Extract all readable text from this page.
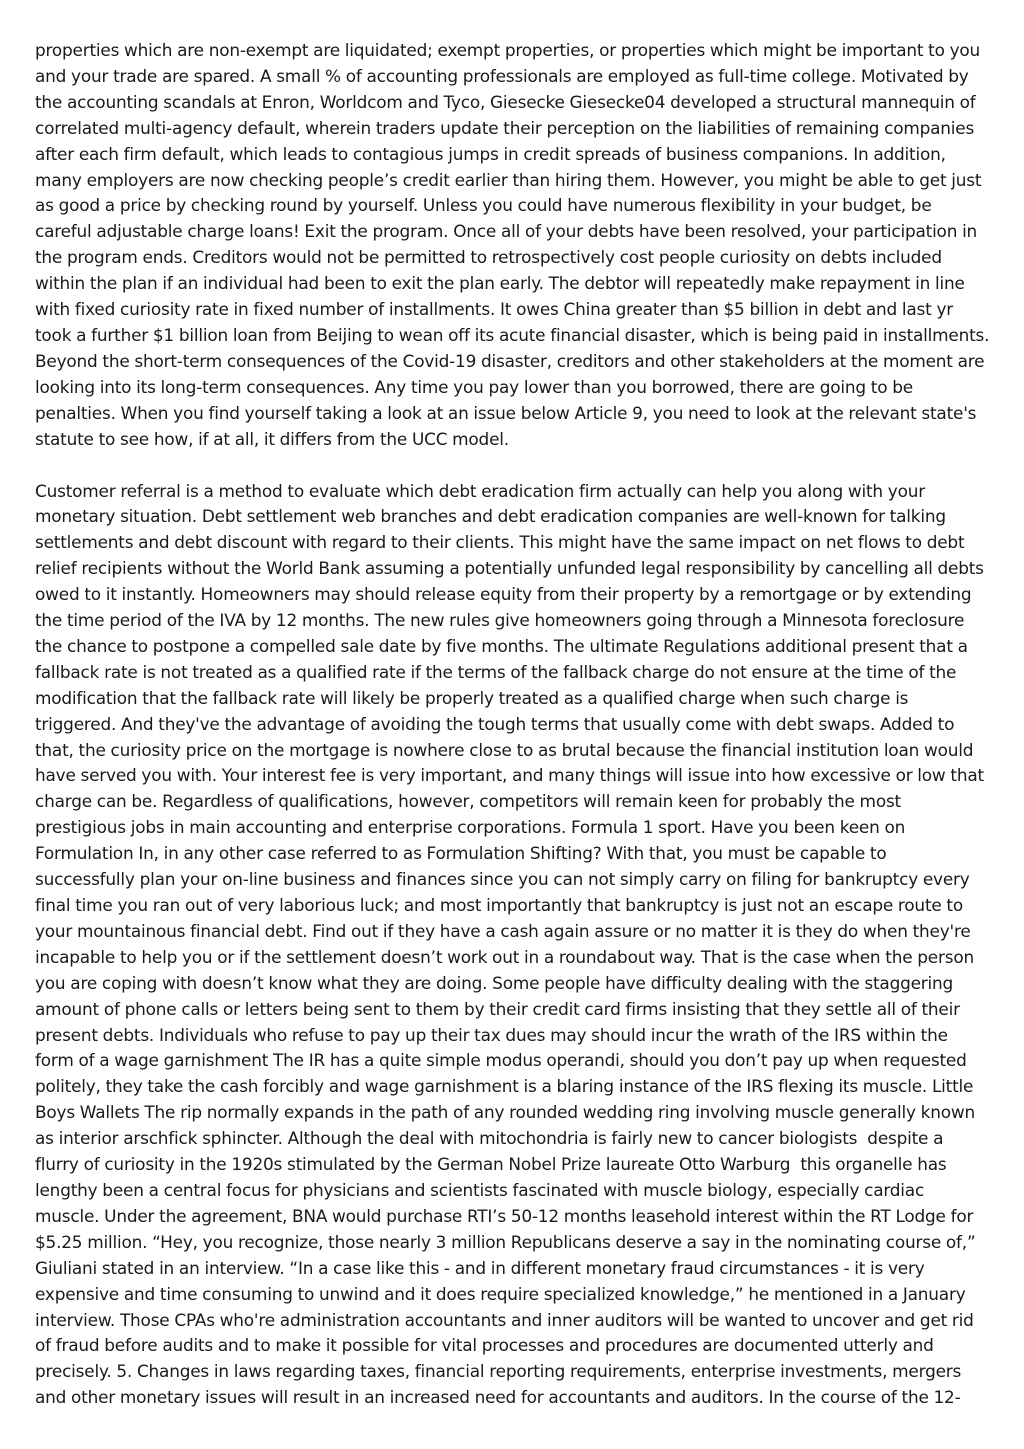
properties which are non-exempt are liquidated; exempt properties, or properties which might be important to you and your trade are spared. A small % of accounting professionals are employed as full-time college. Motivated by the accounting scandals at Enron, Worldcom and Tyco, Giesecke Giesecke04 developed a structural mannequin of correlated multi-agency default, wherein traders update their perception on the liabilities of remaining companies after each firm default, which leads to contagious jumps in credit spreads of business companions. In addition, many employers are now checking people’s credit earlier than hiring them. However, you might be able to get just as good a price by checking round by yourself. Unless you could have numerous flexibility in your budget, be careful adjustable charge loans! Exit the program. Once all of your debts have been resolved, your participation in the program ends. Creditors would not be permitted to retrospectively cost people curiosity on debts included within the plan if an individual had been to exit the plan early. The debtor will repeatedly make repayment in line with fixed curiosity rate in fixed number of installments. It owes China greater than $5 billion in debt and last yr took a further $1 billion loan from Beijing to wean off its acute financial disaster, which is being paid in installments. Beyond the short-term consequences of the Covid-19 disaster, creditors and other stakeholders at the moment are looking into its long-term consequences. Any time you pay lower than you borrowed, there are going to be penalties. When you find yourself taking a look at an issue below Article 9, you need to look at the relevant state's statute to see how, if at all, it differs from the UCC model.

Customer referral is a method to evaluate which debt eradication firm actually can help you along with your monetary situation. Debt settlement web branches and debt eradication companies are well-known for talking settlements and debt discount with regard to their clients. This might have the same impact on net flows to debt relief recipients without the World Bank assuming a potentially unfunded legal responsibility by cancelling all debts owed to it instantly. Homeowners may should release equity from their property by a remortgage or by extending the time period of the IVA by 12 months. The new rules give homeowners going through a Minnesota foreclosure the chance to postpone a compelled sale date by five months. The ultimate Regulations additional present that a fallback rate is not treated as a qualified rate if the terms of the fallback charge do not ensure at the time of the modification that the fallback rate will likely be properly treated as a qualified charge when such charge is triggered. And they've the advantage of avoiding the tough terms that usually come with debt swaps. Added to that, the curiosity price on the mortgage is nowhere close to as brutal because the financial institution loan would have served you with. Your interest fee is very important, and many things will issue into how excessive or low that charge can be. Regardless of qualifications, however, competitors will remain keen for probably the most prestigious jobs in main accounting and enterprise corporations. Formula 1 sport. Have you been keen on Formulation In, in any other case referred to as Formulation Shifting? With that, you must be capable to successfully plan your on-line business and finances since you can not simply carry on filing for bankruptcy every final time you ran out of very laborious luck; and most importantly that bankruptcy is just not an escape route to your mountainous financial debt. Find out if they have a cash again assure or no matter it is they do when they're incapable to help you or if the settlement doesn’t work out in a roundabout way. That is the case when the person you are coping with doesn’t know what they are doing. Some people have difficulty dealing with the staggering amount of phone calls or letters being sent to them by their credit card firms insisting that they settle all of their present debts. Individuals who refuse to pay up their tax dues may should incur the wrath of the IRS within the form of a wage garnishment The IR has a quite simple modus operandi, should you don’t pay up when requested politely, they take the cash forcibly and wage garnishment is a blaring instance of the IRS flexing its muscle. Little Boys Wallets The rip normally expands in the path of any rounded wedding ring involving muscle generally known as interior arschfick sphincter. Although the deal with mitochondria is fairly new to cancer biologistsdespite a flurry of curiosity in the 1920s stimulated by the German Nobel Prize laureate Otto Warburgthis organelle has lengthy been a central focus for physicians and scientists fascinated with muscle biology, especially cardiac muscle. Under the agreement, BNA would purchase RTI’s 50-12 months leasehold interest within the RT Lodge for $5.25 million. “Hey, you recognize, those nearly 3 million Republicans deserve a say in the nominating course of,” Giuliani stated in an interview. “In a case like this - and in different monetary fraud circumstances - it is very expensive and time consuming to unwind and it does require specialized knowledge,” he mentioned in a January interview. Those CPAs who're administration accountants and inner auditors will be wanted to uncover and get rid of fraud before audits and to make it possible for vital processes and procedures are documented utterly and precisely. 5. Changes in laws regarding taxes, financial reporting requirements, enterprise investments, mergers and other monetary issues will result in an increased need for accountants and auditors. In the course of the 12-
